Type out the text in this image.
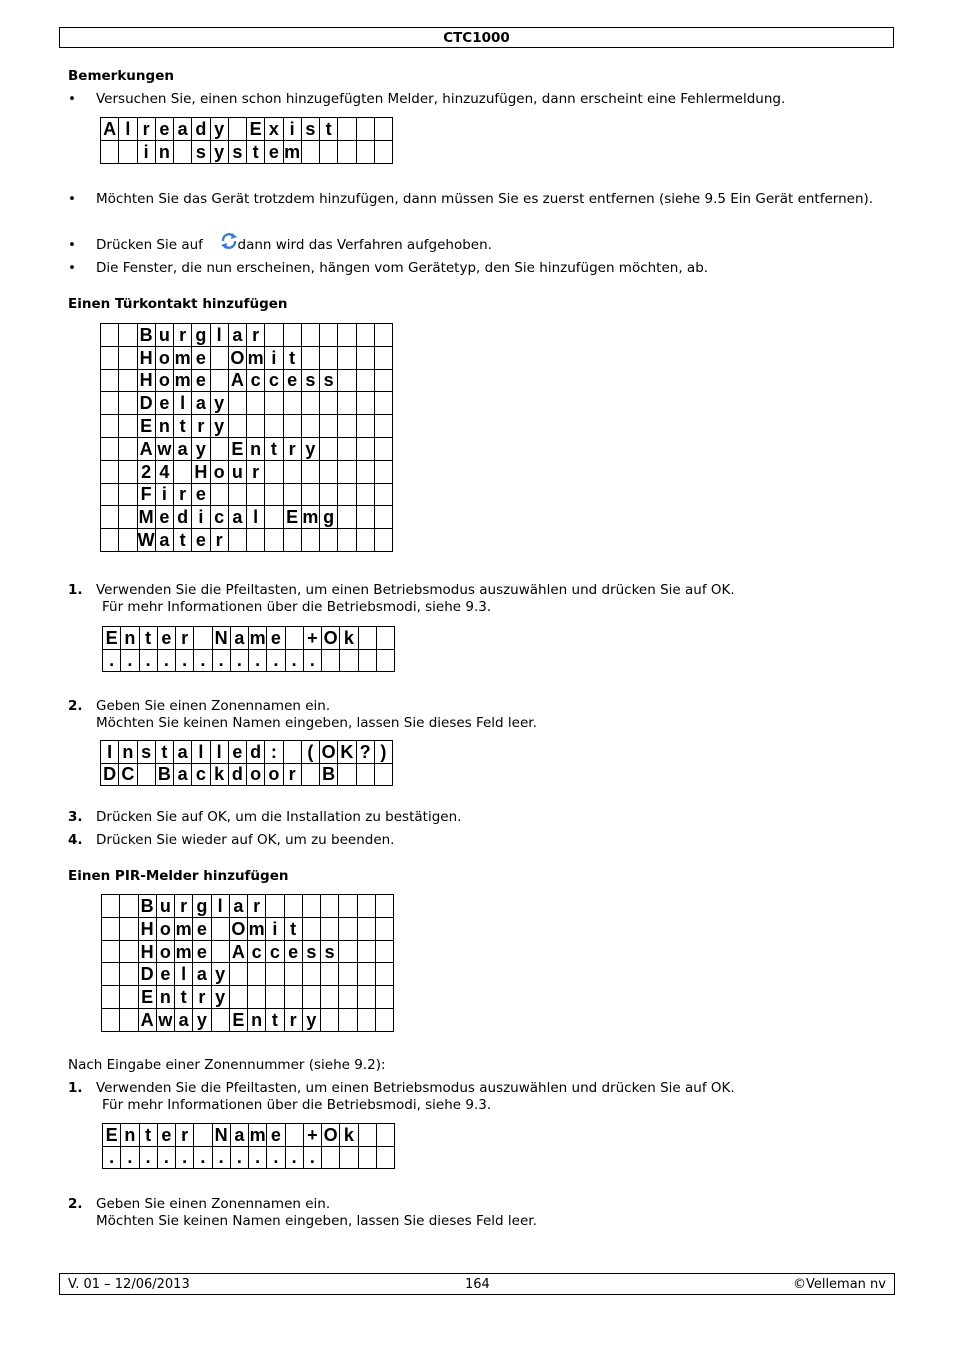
CTC1000
Bemerkungen
• Versuchen Sie, einen schon hinzugefügten Melder, hinzuzufügen, dann erscheint eine Fehlermeldung.
A	l	r	e	a	d	y		E	x	i	s	t			
		i	n		s	y	s	t	e	m					
• Möchten Sie das Gerät trotzdem hinzufügen, dann müssen Sie es zuerst entfernen (siehe 9.5 Ein Gerät entfernen).
• Drücken Sie auf	dann wird das Verfahren aufgehoben.
• Die Fenster, die nun erscheinen, hängen vom Gerätetyp, den Sie hinzufügen möchten, ab.
Einen Türkontakt hinzufügen
		B	u	r	g	l	a	r							
		H	o	m	e		O	m	i	t					
		H	o	m	e		A	c	c	e	s	s			
		D	e	l	a	y									
		E	n	t	r	y									
		A	w	a	y		E	n	t	r	y				
		2	4		H	o	u	r							
		F	i	r	e										
		M	e	d	i	c	a	l		E	m	g			
		W	a	t	e	r									
1. Verwenden Sie die Pfeiltasten, um einen Betriebsmodus auszuwählen und drücken Sie auf OK.
Für mehr Informationen über die Betriebsmodi, siehe 9.3.
E	n	t	e	r		N	a	m	e		+	O	k		
.	.	.	.	.	.	.	.	.	.	.	.				
2. Geben Sie einen Zonennamen ein.
Möchten Sie keinen Namen eingeben, lassen Sie dieses Feld leer.
I	n	s	t	a	l	l	e	d	:		(	O	K	?	)
D	C		B	a	c	k	d	o	o	r		B			
3. Drücken Sie auf OK, um die Installation zu bestätigen.
4. Drücken Sie wieder auf OK, um zu beenden.
Einen PIR-Melder hinzufügen
		B	u	r	g	l	a	r							
		H	o	m	e		O	m	i	t					
		H	o	m	e		A	c	c	e	s	s			
		D	e	l	a	y									
		E	n	t	r	y									
		A	w	a	y		E	n	t	r	y				
Nach Eingabe einer Zonennummer (siehe 9.2):
1. Verwenden Sie die Pfeiltasten, um einen Betriebsmodus auszuwählen und drücken Sie auf OK.
Für mehr Informationen über die Betriebsmodi, siehe 9.3.
E	n	t	e	r		N	a	m	e		+	O	k		
.	.	.	.	.	.	.	.	.	.	.	.				
2. Geben Sie einen Zonennamen ein.
Möchten Sie keinen Namen eingeben, lassen Sie dieses Feld leer.
V. 01 – 12/06/2013	164	©Velleman nv
